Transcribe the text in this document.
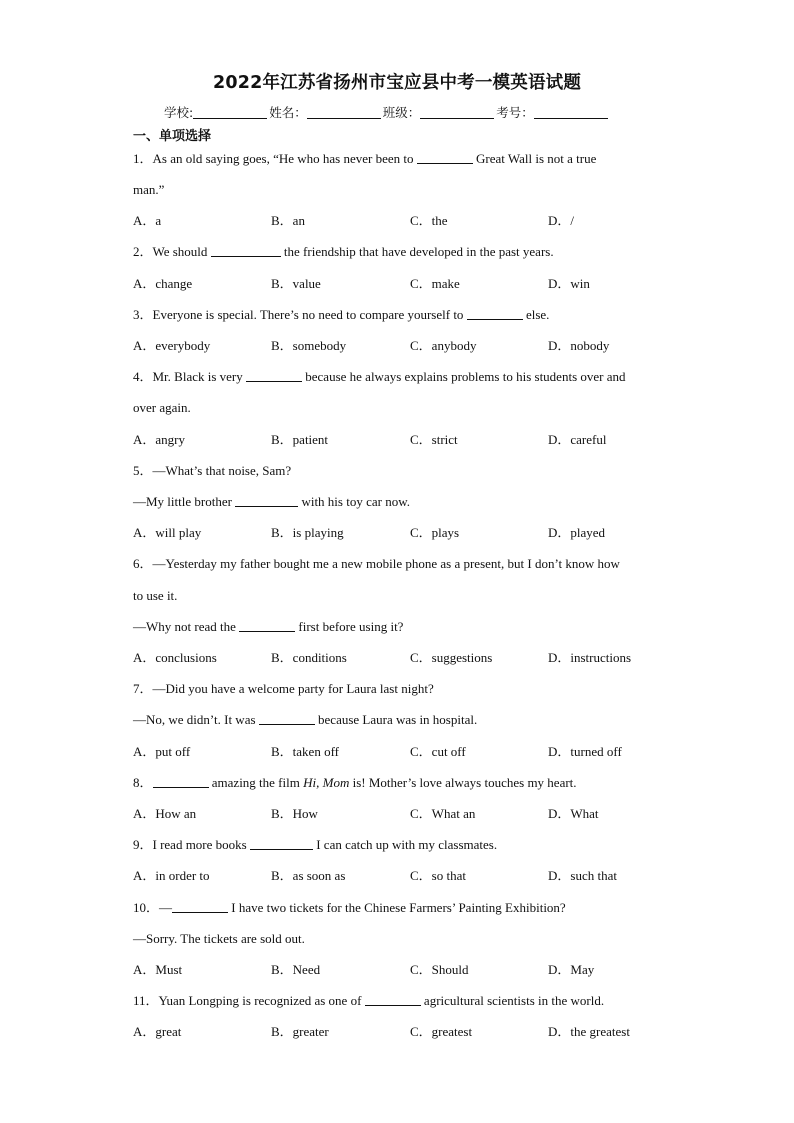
2022年江苏省扬州市宝应县中考一模英语试题
学校:	姓名：	班级：	考号：
一、单项选择
1．As an old saying goes, “He who has never been to	Great Wall is not a true
man.”
A．a	B．an	C．the	D．/
2．We should	the friendship that have developed in the past years.
A．change	B．value	C．make	D．win
3．Everyone is special. There’s no need to compare yourself to	else.
A．everybody	B．somebody	C．anybody	D．nobody
4．Mr. Black is very	because he always explains problems to his students over and
over again.
A．angry	B．patient	C．strict	D．careful
5．—What’s that noise, Sam?
—My little brother	with his toy car now.
A．will play	B．is playing	C．plays	D．played
6．—Yesterday my father bought me a new mobile phone as a present, but I don’t know how
to use it.
—Why not read the	first before using it?
A．conclusions	B．conditions	C．suggestions	D．instructions
7．—Did you have a welcome party for Laura last night?
—No, we didn’t. It was	because Laura was in hospital.
A．put off	B．taken off	C．cut off	D．turned off
8．	amazing the film Hi, Mom is! Mother’s love always touches my heart.
A．How an	B．How	C．What an	D．What
9．I read more books	I can catch up with my classmates.
A．in order to	B．as soon as	C．so that	D．such that
10．—	I have two tickets for the Chinese Farmers’ Painting Exhibition?
—Sorry. The tickets are sold out.
A．Must	B．Need	C．Should	D．May
11．Yuan Longping is recognized as one of	agricultural scientists in the world.
A．great	B．greater	C．greatest	D．the greatest
